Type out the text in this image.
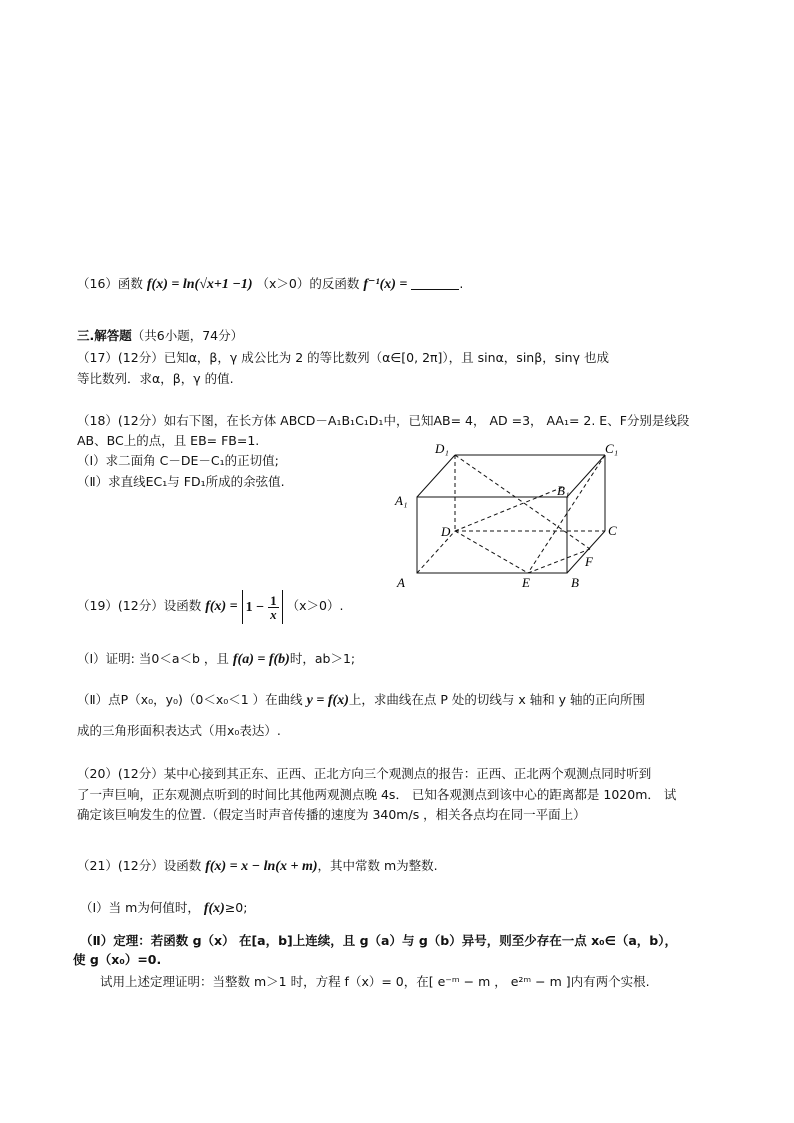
（16）函数 f(x) = ln(√x+1 −1) （x＞0）的反函数 f⁻¹(x) =	.
三.解答题（共6小题，74分）
（17）(12分）已知α，β，γ 成公比为 2 的等比数列（α∈[0, 2π]），且 sinα，sinβ，sinγ 也成
等比数列．求α，β，γ 的值.
（18）(12分）如右下图，在长方体 ABCD－A₁B₁C₁D₁中，已知AB= 4， AD =3， AA₁= 2. E、F分别是线段
AB、BC上的点，且 EB= FB=1.
（Ⅰ）求二面角 C－DE－C₁的正切值;
（Ⅱ）求直线EC₁与 FD₁所成的余弦值.
D₁	C₁
B₁
A₁
D	C
F
A	E	B
（19）(12分）设函数 $f(x) = 1 - \frac{1}{x} (x>0)$.
（Ⅰ）证明: 当0＜a＜b ，且 f(a) = f(b)时，ab＞1;
（Ⅱ）点P（x₀，y₀)（0＜x₀＜1 ）在曲线 y = f(x)上，求曲线在点 P 处的切线与 x 轴和 y 轴的正向所围
成的三角形面积表达式（用x₀表达）.
（20）(12分）某中心接到其正东、正西、正北方向三个观测点的报告：正西、正北两个观测点同时听到
了一声巨响，正东观测点听到的时间比其他两观测点晚 4s． 已知各观测点到该中心的距离都是 1020m． 试
确定该巨响发生的位置.（假定当时声音传播的速度为 340m/s ，相关各点均在同一平面上）
（21）(12分）设函数 f(x) = x − ln(x + m)，其中常数 m为整数.
（Ⅰ）当 m为何值时， f(x)≥0;
（Ⅱ）定理：若函数 g（x） 在[a，b]上连续，且 g（a）与 g（b）异号，则至少存在一点 x₀∈（a，b），
使 g（x₀）=0.
试用上述定理证明：当整数 m＞1 时，方程 f（x）= 0，在[ e⁻ᵐ − m ， e²ᵐ − m ]内有两个实根.
